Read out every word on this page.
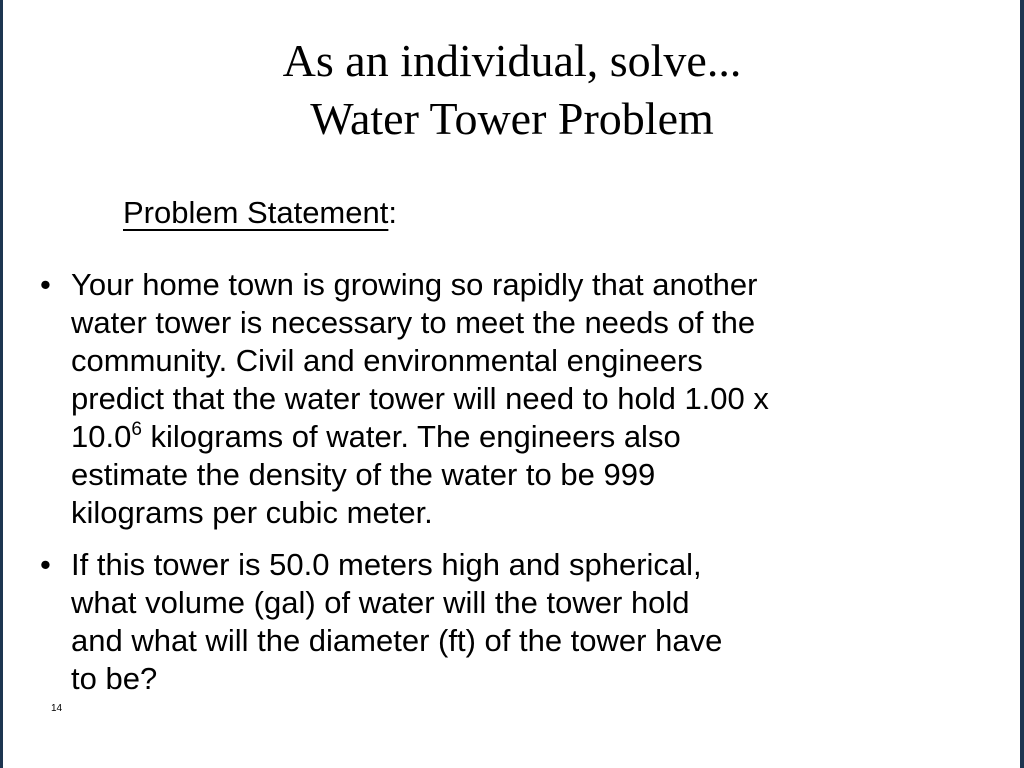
As an individual, solve...
Water Tower Problem
Problem Statement:
• Your home town is growing so rapidly that another
water tower is necessary to meet the needs of the
community. Civil and environmental engineers
predict that the water tower will need to hold 1.00 x
10.0$^6$ kilograms of water. The engineers also
estimate the density of the water to be 999
kilograms per cubic meter.
• If this tower is 50.0 meters high and spherical,
what volume (gal) of water will the tower hold
and what will the diameter (ft) of the tower have
to be?
14
